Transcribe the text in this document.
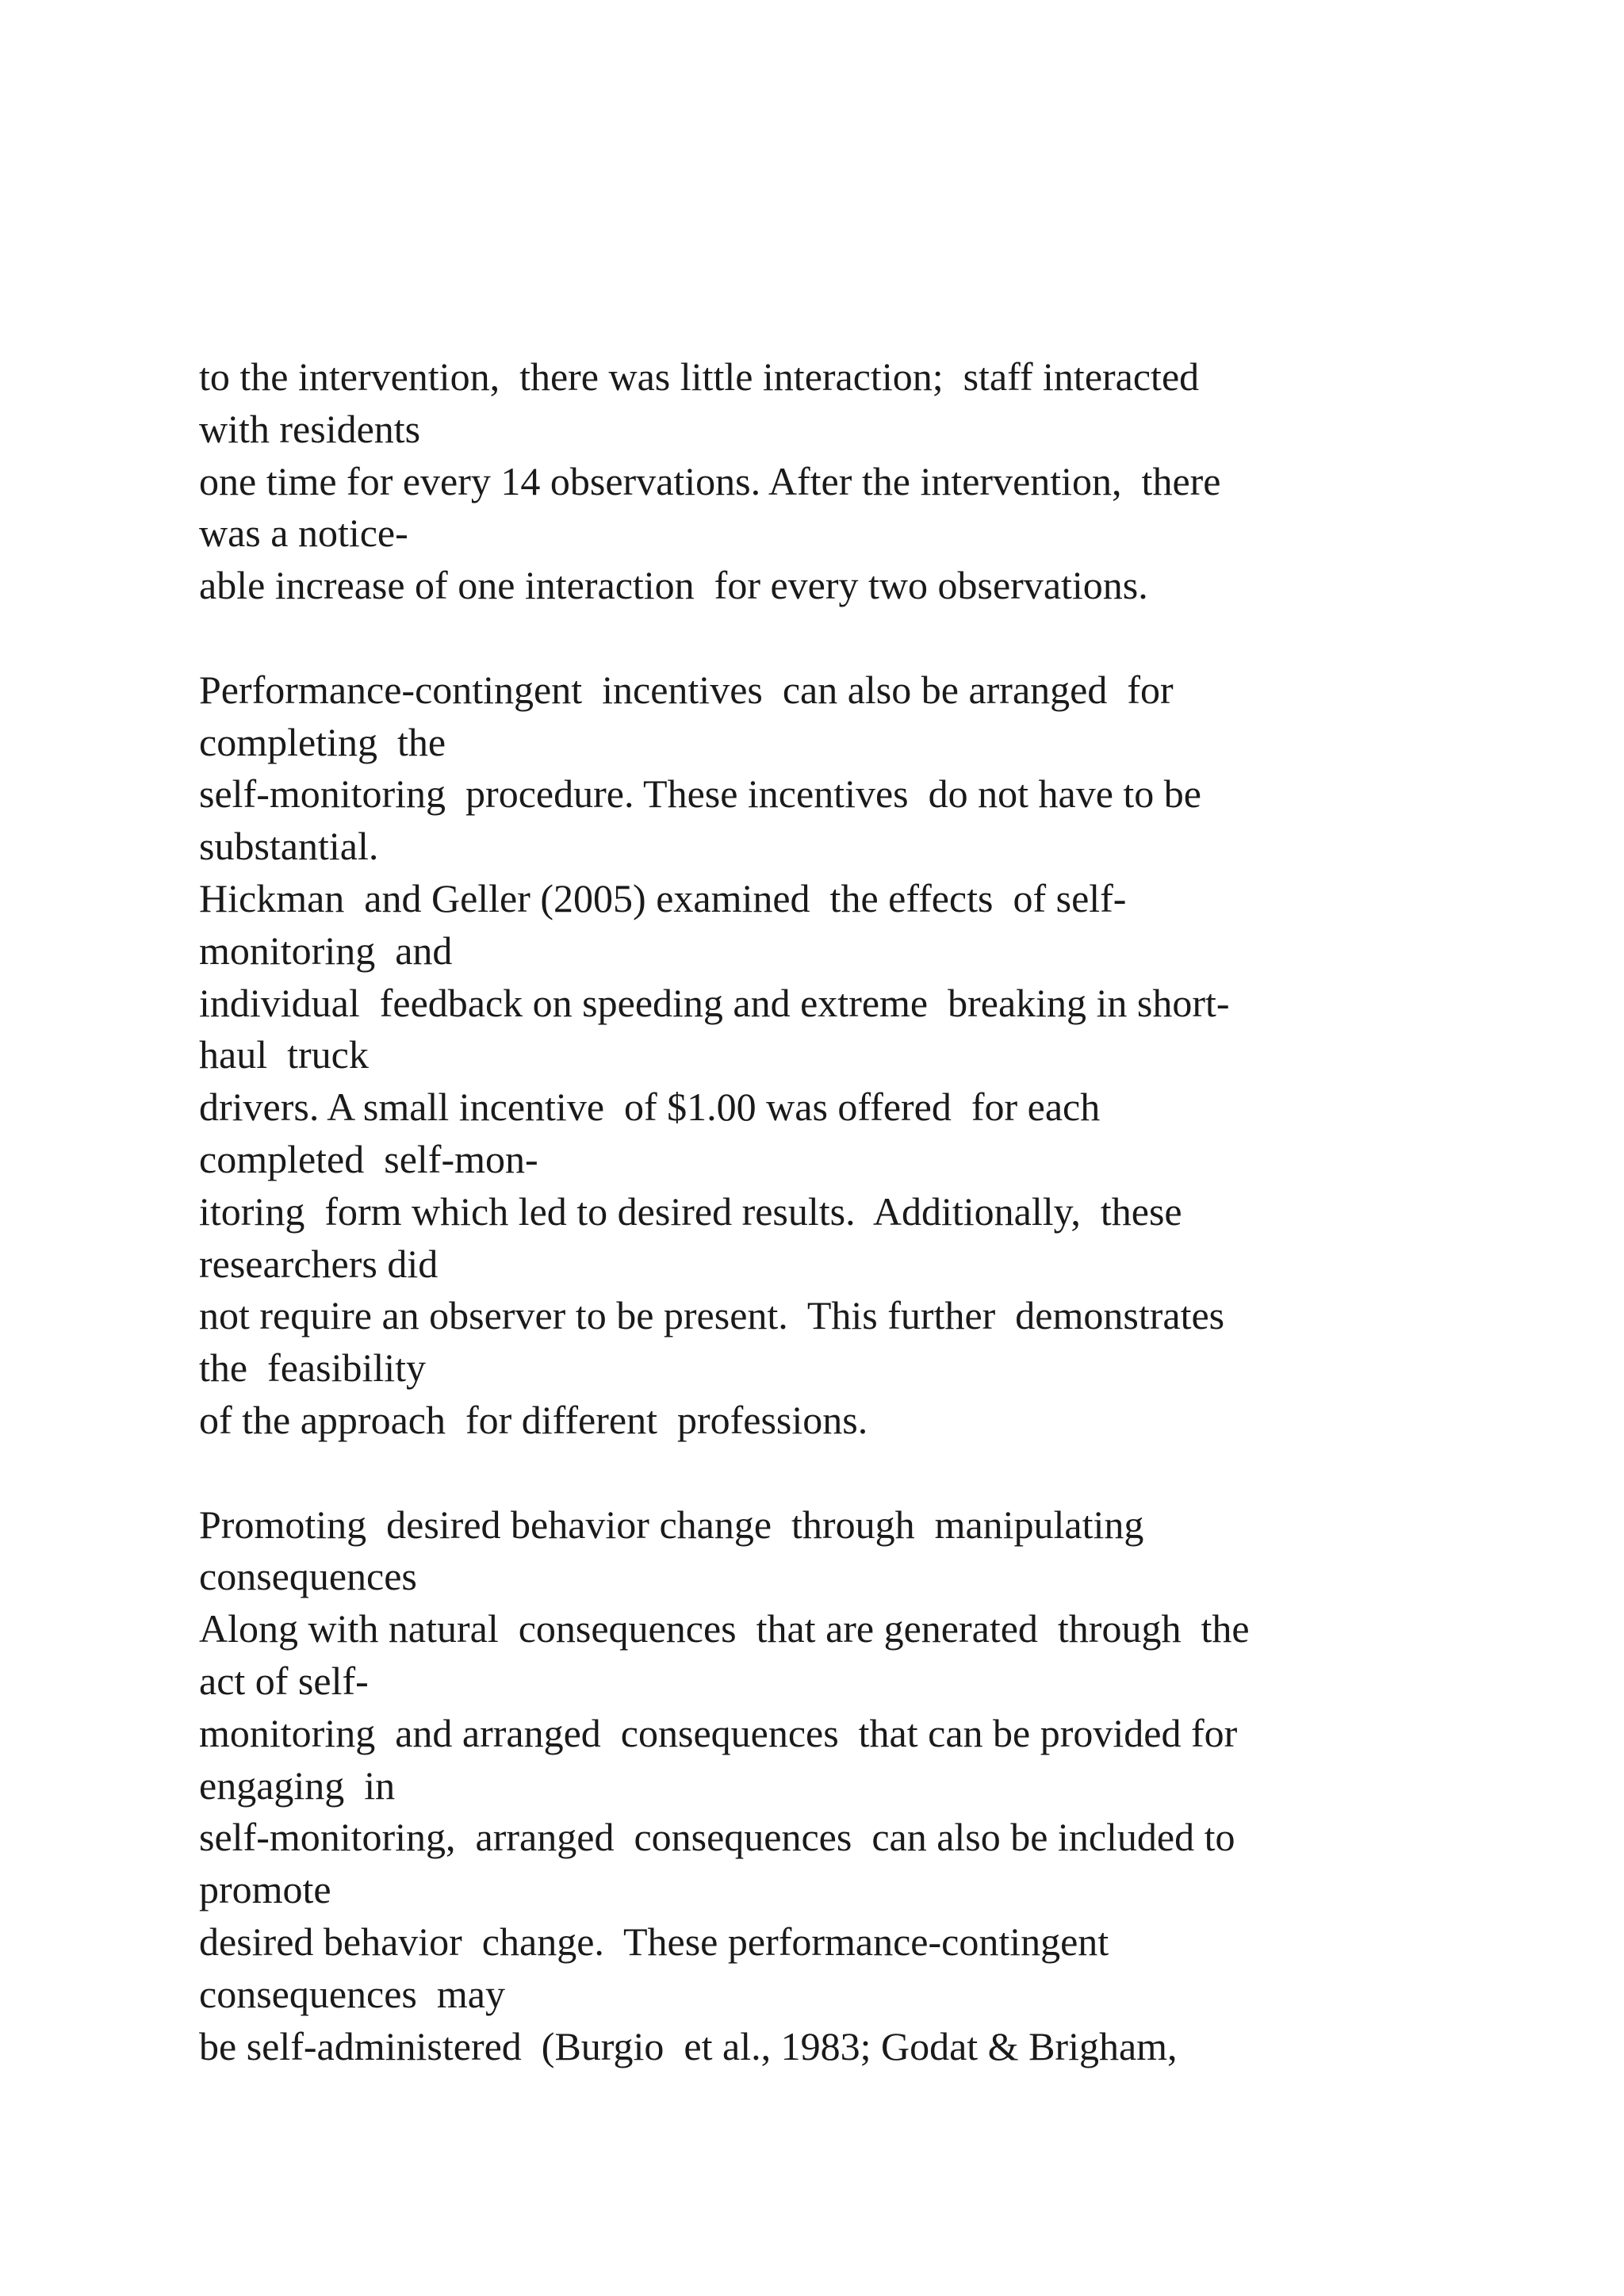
to the intervention,  there was little interaction;  staff interacted
with residents
one time for every 14 observations. After the intervention,  there
was a notice-
able increase of one interaction  for every two observations.
Performance-contingent  incentives  can also be arranged  for
completing  the
self-monitoring  procedure. These incentives  do not have to be
substantial.
Hickman  and Geller (2005) examined  the effects  of self-
monitoring  and
individual  feedback on speeding and extreme  breaking in short-
haul  truck
drivers. A small incentive  of $1.00 was offered  for each
completed  self-mon-
itoring  form which led to desired results.  Additionally,  these
researchers did
not require an observer to be present.  This further  demonstrates
the  feasibility
of the approach  for different  professions.
Promoting  desired behavior change  through  manipulating
consequences
Along with natural  consequences  that are generated  through  the
act of self-
monitoring  and arranged  consequences  that can be provided for
engaging  in
self-monitoring,  arranged  consequences  can also be included to
promote
desired behavior  change.  These performance-contingent
consequences  may
be self-administered  (Burgio  et al., 1983; Godat & Brigham,
